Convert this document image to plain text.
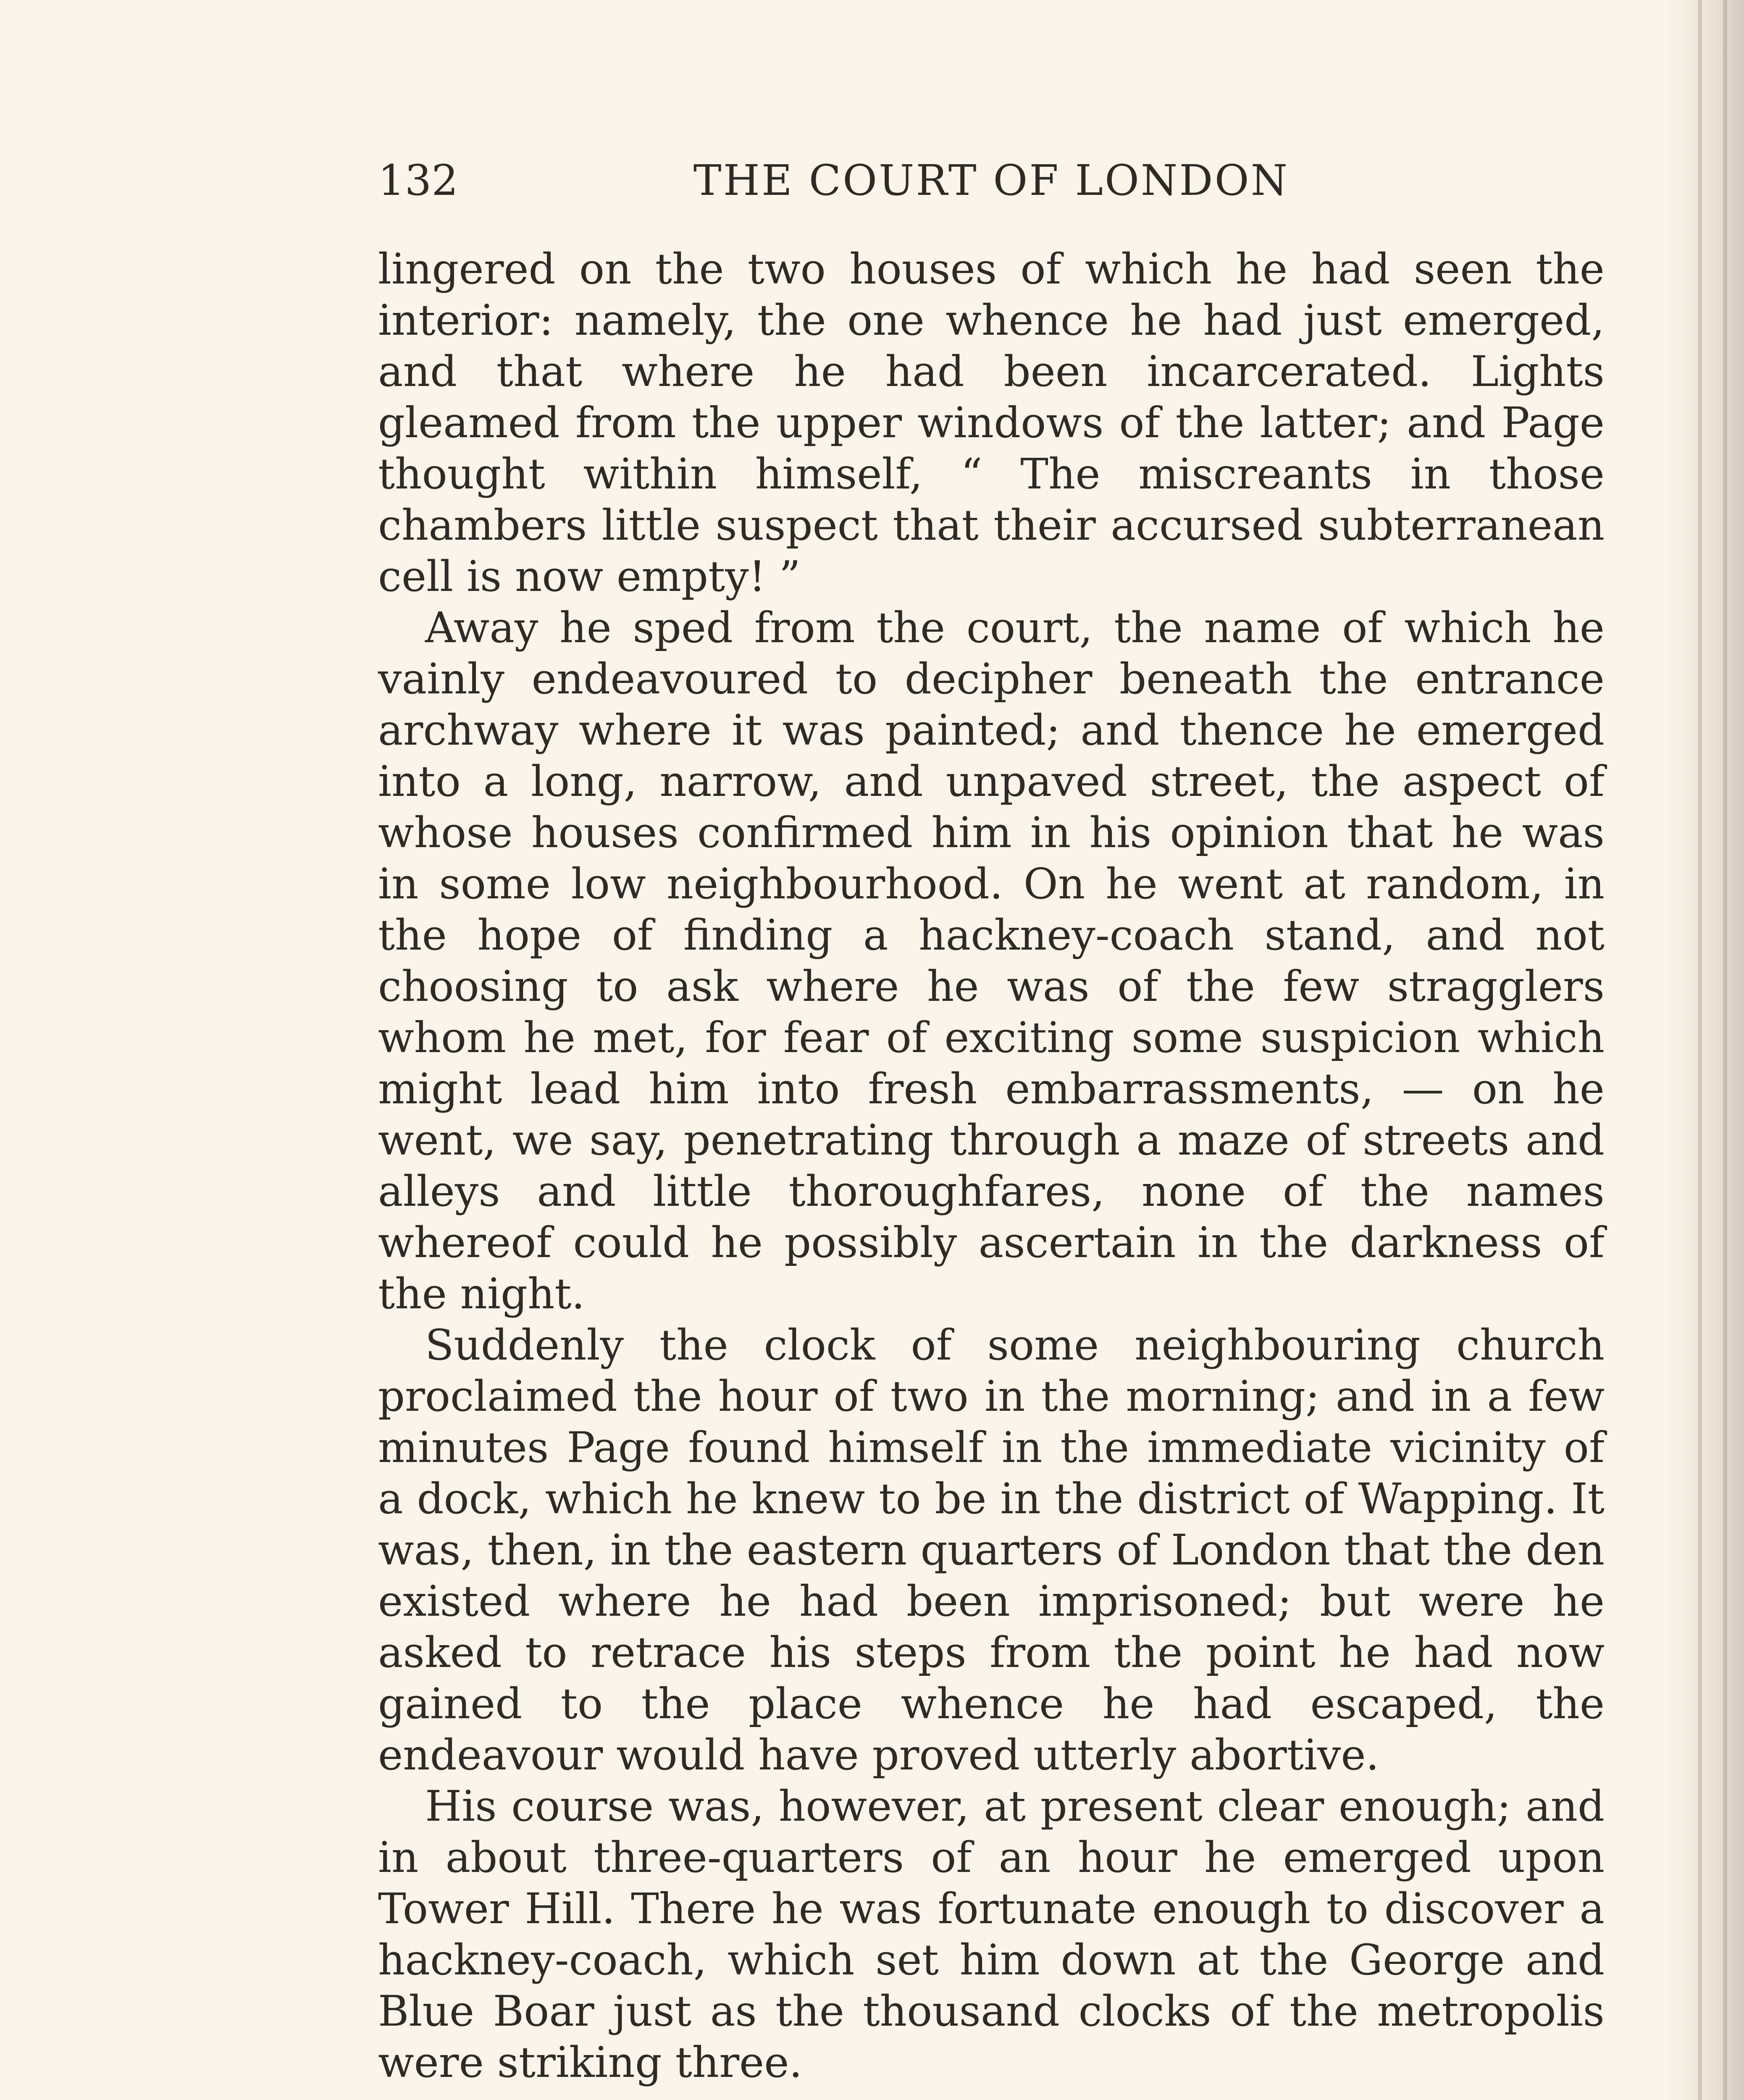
132	THE COURT OF LONDON

lingered on the two houses of which he had seen the interior: namely, the one whence he had just emerged, and that where he had been incarcerated. Lights gleamed from the upper windows of the latter; and Page thought within himself, “ The miscreants in those chambers little suspect that their accursed subterranean cell is now empty! ”

Away he sped from the court, the name of which he vainly endeavoured to decipher beneath the entrance archway where it was painted; and thence he emerged into a long, narrow, and unpaved street, the aspect of whose houses confirmed him in his opinion that he was in some low neighbourhood. On he went at random, in the hope of finding a hackney-coach stand, and not choosing to ask where he was of the few stragglers whom he met, for fear of exciting some suspicion which might lead him into fresh embarrassments, — on he went, we say, penetrating through a maze of streets and alleys and little thoroughfares, none of the names whereof could he possibly ascertain in the darkness of the night.

Suddenly the clock of some neighbouring church proclaimed the hour of two in the morning; and in a few minutes Page found himself in the immediate vicinity of a dock, which he knew to be in the district of Wapping. It was, then, in the eastern quarters of London that the den existed where he had been imprisoned; but were he asked to retrace his steps from the point he had now gained to the place whence he had escaped, the endeavour would have proved utterly abortive.

His course was, however, at present clear enough; and in about three-quarters of an hour he emerged upon Tower Hill. There he was fortunate enough to discover a hackney-coach, which set him down at the George and Blue Boar just as the thousand clocks of the metropolis were striking three.
